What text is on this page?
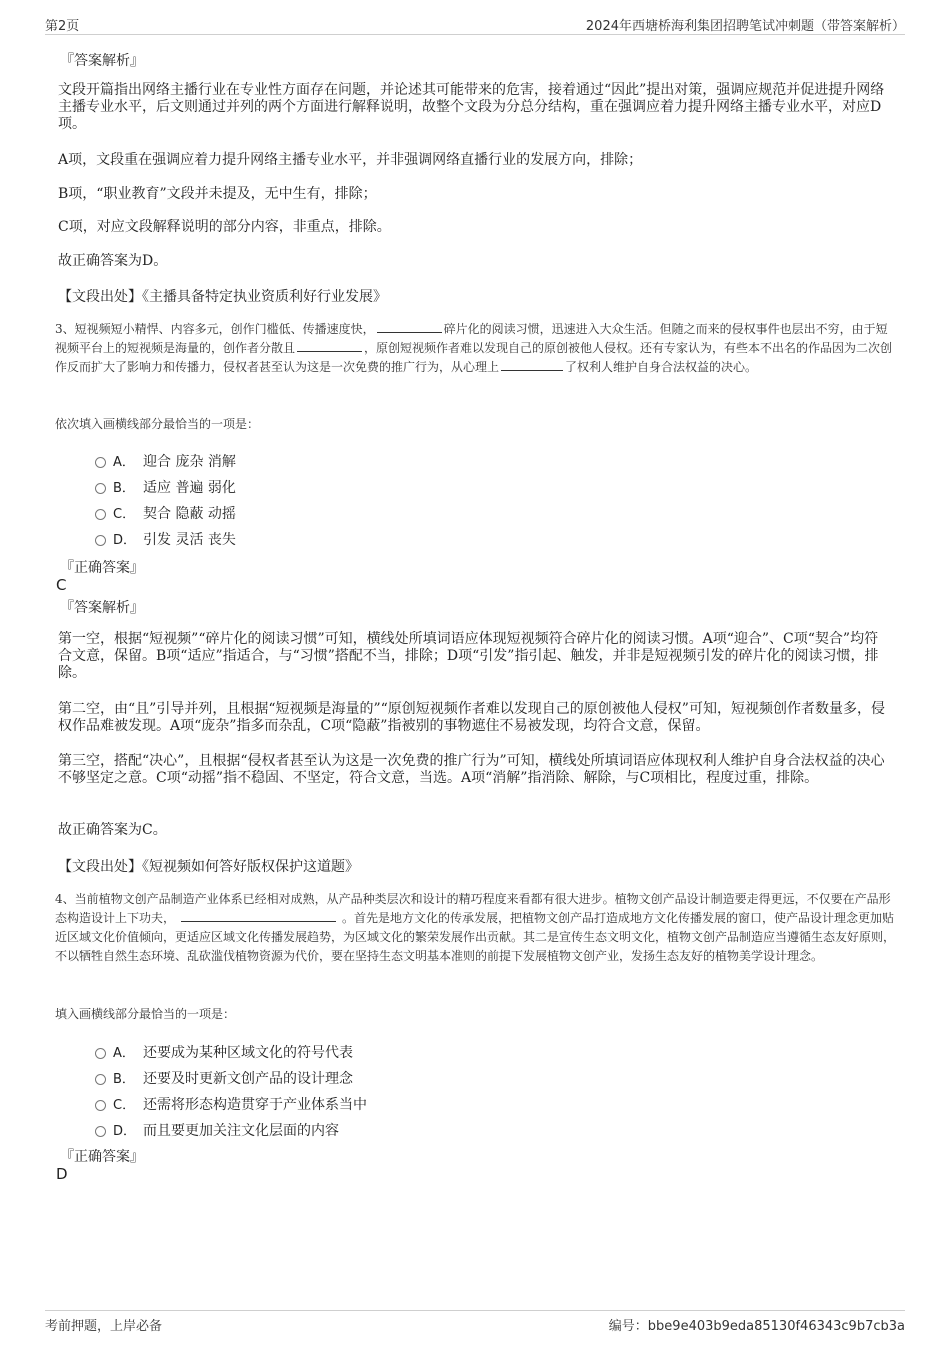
第2页	2024年西塘桥海利集团招聘笔试冲刺题（带答案解析）
『答案解析』
文段开篇指出网络主播行业在专业性方面存在问题，并论述其可能带来的危害，接着通过“因此”提出对策，强调应规范并促进提升网络主播专业水平，后文则通过并列的两个方面进行解释说明，故整个文段为分总分结构，重在强调应着力提升网络主播专业水平，对应D项。
A项，文段重在强调应着力提升网络主播专业水平，并非强调网络直播行业的发展方向，排除；
B项，“职业教育”文段并未提及，无中生有，排除；
C项，对应文段解释说明的部分内容，非重点，排除。
故正确答案为D。
【文段出处】《主播具备特定执业资质利好行业发展》
3、短视频短小精悍、内容多元，创作门槛低、传播速度快，	碎片化的阅读习惯，迅速进入大众生活。但随之而来的侵权事件也层出不穷，由于短视频平台上的短视频是海量的，创作者分散且	，原创短视频作者难以发现自己的原创被他人侵权。还有专家认为，有些本不出名的作品因为二次创作反而扩大了影响力和传播力，侵权者甚至认为这是一次免费的推广行为，从心理上	了权利人维护自身合法权益的决心。
依次填入画横线部分最恰当的一项是：
A． 迎合 庞杂 消解
B． 适应 普遍 弱化
C． 契合 隐蔽 动摇
D． 引发 灵活 丧失
『正确答案』
C
『答案解析』
第一空，根据“短视频”“碎片化的阅读习惯”可知，横线处所填词语应体现短视频符合碎片化的阅读习惯。A项“迎合”、C项“契合”均符合文意，保留。B项“适应”指适合，与“习惯”搭配不当，排除；D项“引发”指引起、触发，并非是短视频引发的碎片化的阅读习惯，排除。
第二空，由“且”引导并列，且根据“短视频是海量的”“原创短视频作者难以发现自己的原创被他人侵权”可知，短视频创作者数量多，侵权作品难被发现。A项“庞杂”指多而杂乱，C项“隐蔽”指被别的事物遮住不易被发现，均符合文意，保留。
第三空，搭配“决心”，且根据“侵权者甚至认为这是一次免费的推广行为”可知，横线处所填词语应体现权利人维护自身合法权益的决心不够坚定之意。C项“动摇”指不稳固、不坚定，符合文意，当选。A项“消解”指消除、解除，与C项相比，程度过重，排除。
故正确答案为C。
【文段出处】《短视频如何答好版权保护这道题》
4、当前植物文创产品制造产业体系已经相对成熟，从产品种类层次和设计的精巧程度来看都有很大进步。植物文创产品设计制造要走得更远，不仅要在产品形态构造设计上下功夫，	。首先是地方文化的传承发展，把植物文创产品打造成地方文化传播发展的窗口，使产品设计理念更加贴近区域文化价值倾向，更适应区域文化传播发展趋势，为区域文化的繁荣发展作出贡献。其二是宣传生态文明文化，植物文创产品制造应当遵循生态友好原则，不以牺牲自然生态环境、乱砍滥伐植物资源为代价，要在坚持生态文明基本准则的前提下发展植物文创产业，发扬生态友好的植物美学设计理念。
填入画横线部分最恰当的一项是：
A． 还要成为某种区域文化的符号代表
B． 还要及时更新文创产品的设计理念
C． 还需将形态构造贯穿于产业体系当中
D． 而且要更加关注文化层面的内容
『正确答案』
D
考前押题，上岸必备	编号：bbe9e403b9eda85130f46343c9b7cb3a
